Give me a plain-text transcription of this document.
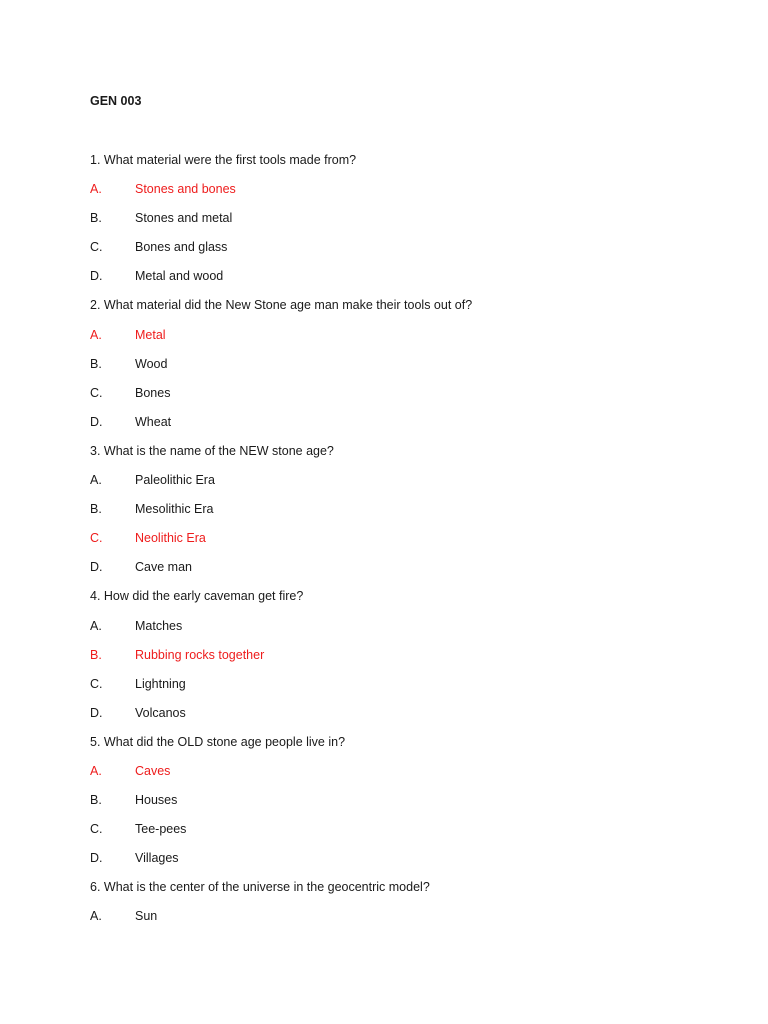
GEN 003
1. What material were the first tools made from?
A.	Stones and bones
B.	Stones and metal
C.	Bones and glass
D.	Metal and wood
2. What material did the New Stone age man make their tools out of?
A.	Metal
B.	Wood
C.	Bones
D.	Wheat
3. What is the name of the NEW stone age?
A.	Paleolithic Era
B.	Mesolithic Era
C.	Neolithic Era
D.	Cave man
4. How did the early caveman get fire?
A.	Matches
B.	Rubbing rocks together
C.	Lightning
D.	Volcanos
5. What did the OLD stone age people live in?
A.	Caves
B.	Houses
C.	Tee-pees
D.	Villages
6. What is the center of the universe in the geocentric model?
A.	Sun
